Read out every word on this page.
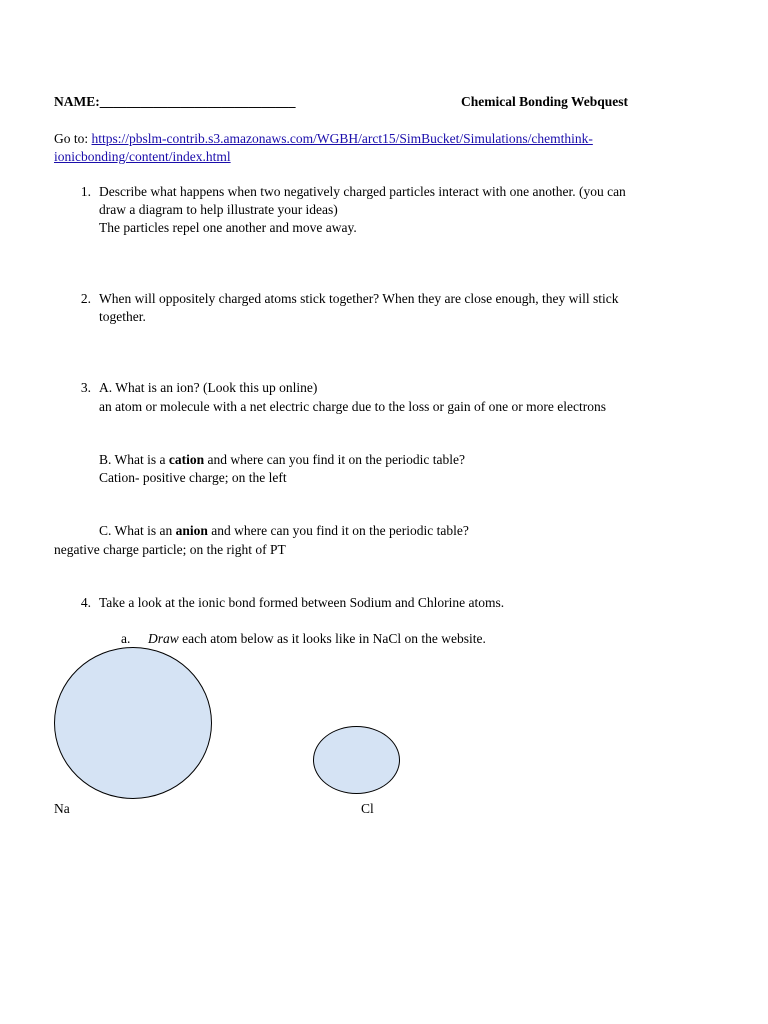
NAME:_____________________________	Chemical Bonding Webquest
Go to: https://pbslm-contrib.s3.amazonaws.com/WGBH/arct15/SimBucket/Simulations/chemthink-
ionicbonding/content/index.html
1. Describe what happens when two negatively charged particles interact with one another. (you can
draw a diagram to help illustrate your ideas)
The particles repel one another and move away.
2. When will oppositely charged atoms stick together? When they are close enough, they will stick
together.
3. A. What is an ion? (Look this up online)
an atom or molecule with a net electric charge due to the loss or gain of one or more electrons
B. What is a cation and where can you find it on the periodic table?
Cation- positive charge; on the left
C. What is an anion and where can you find it on the periodic table?
negative charge particle; on the right of PT
4. Take a look at the ionic bond formed between Sodium and Chlorine atoms.
a. Draw each atom below as it looks like in NaCl on the website.
Na	Cl
